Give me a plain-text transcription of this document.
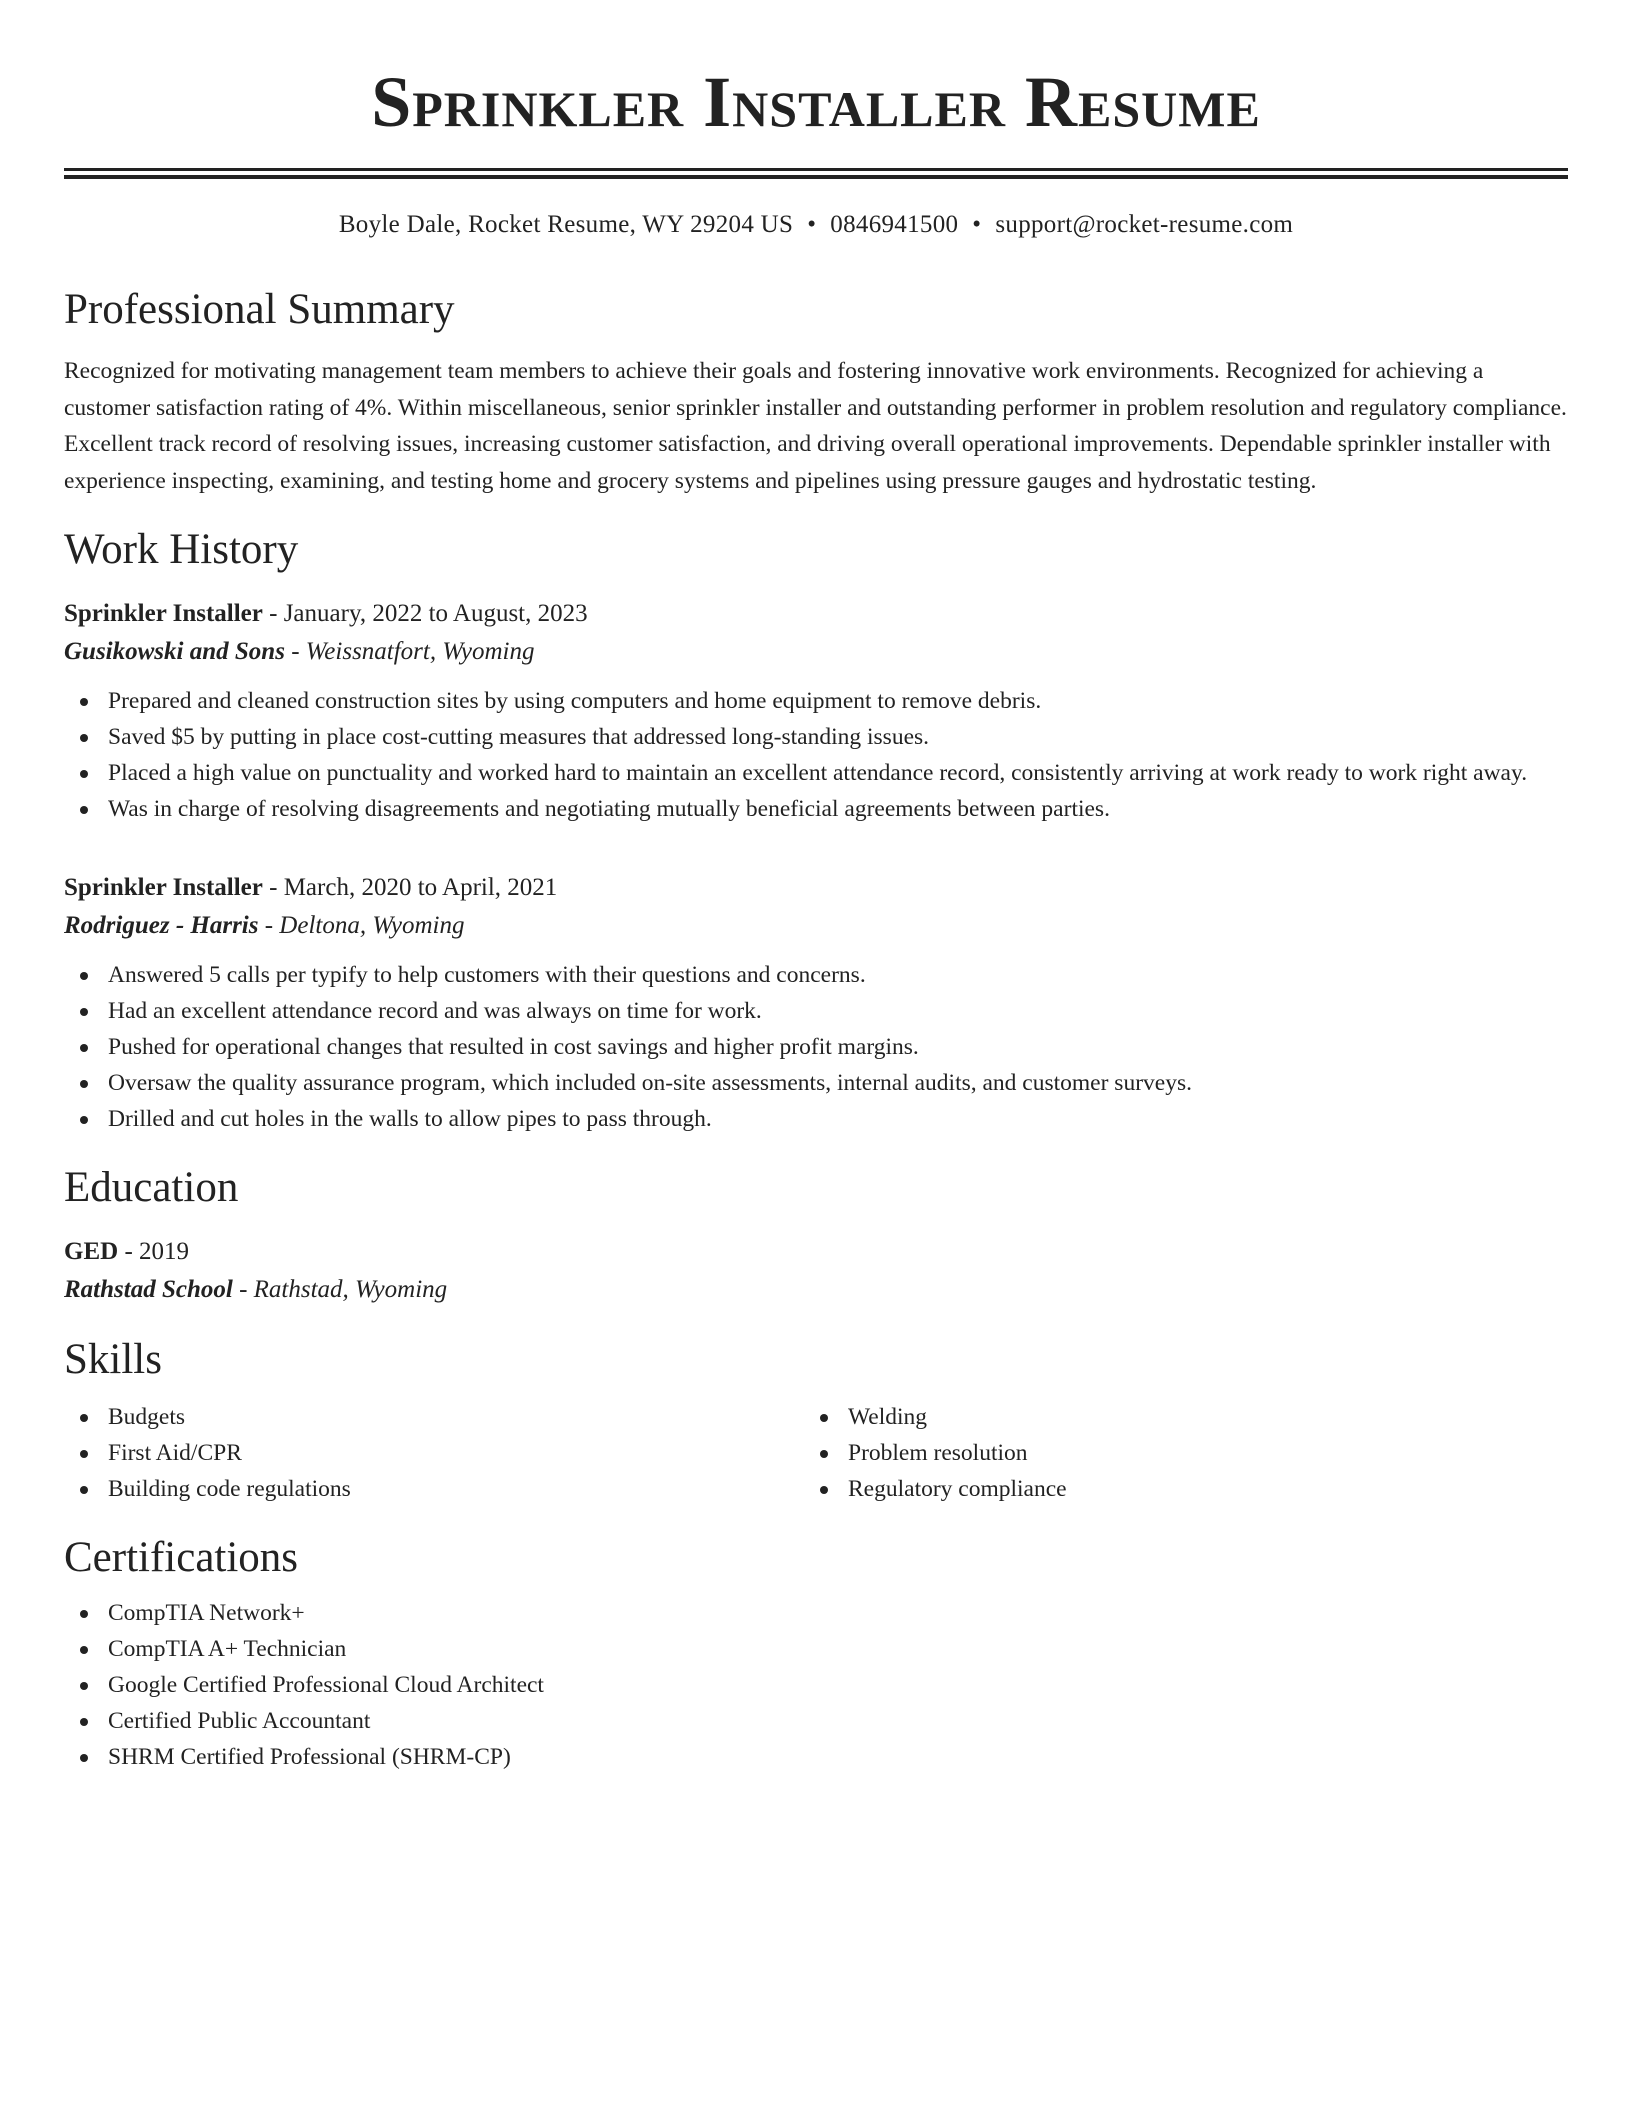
Sprinkler Installer Resume
Boyle Dale, Rocket Resume, WY 29204 US • 0846941500 • support@rocket-resume.com
Professional Summary
Recognized for motivating management team members to achieve their goals and fostering innovative work environments. Recognized for achieving a customer satisfaction rating of 4%. Within miscellaneous, senior sprinkler installer and outstanding performer in problem resolution and regulatory compliance. Excellent track record of resolving issues, increasing customer satisfaction, and driving overall operational improvements. Dependable sprinkler installer with experience inspecting, examining, and testing home and grocery systems and pipelines using pressure gauges and hydrostatic testing.
Work History
Sprinkler Installer - January, 2022 to August, 2023
Gusikowski and Sons - Weissnatfort, Wyoming
Prepared and cleaned construction sites by using computers and home equipment to remove debris.
Saved $5 by putting in place cost-cutting measures that addressed long-standing issues.
Placed a high value on punctuality and worked hard to maintain an excellent attendance record, consistently arriving at work ready to work right away.
Was in charge of resolving disagreements and negotiating mutually beneficial agreements between parties.
Sprinkler Installer - March, 2020 to April, 2021
Rodriguez - Harris - Deltona, Wyoming
Answered 5 calls per typify to help customers with their questions and concerns.
Had an excellent attendance record and was always on time for work.
Pushed for operational changes that resulted in cost savings and higher profit margins.
Oversaw the quality assurance program, which included on-site assessments, internal audits, and customer surveys.
Drilled and cut holes in the walls to allow pipes to pass through.
Education
GED - 2019
Rathstad School - Rathstad, Wyoming
Skills
Budgets
First Aid/CPR
Building code regulations
Welding
Problem resolution
Regulatory compliance
Certifications
CompTIA Network+
CompTIA A+ Technician
Google Certified Professional Cloud Architect
Certified Public Accountant
SHRM Certified Professional (SHRM-CP)
